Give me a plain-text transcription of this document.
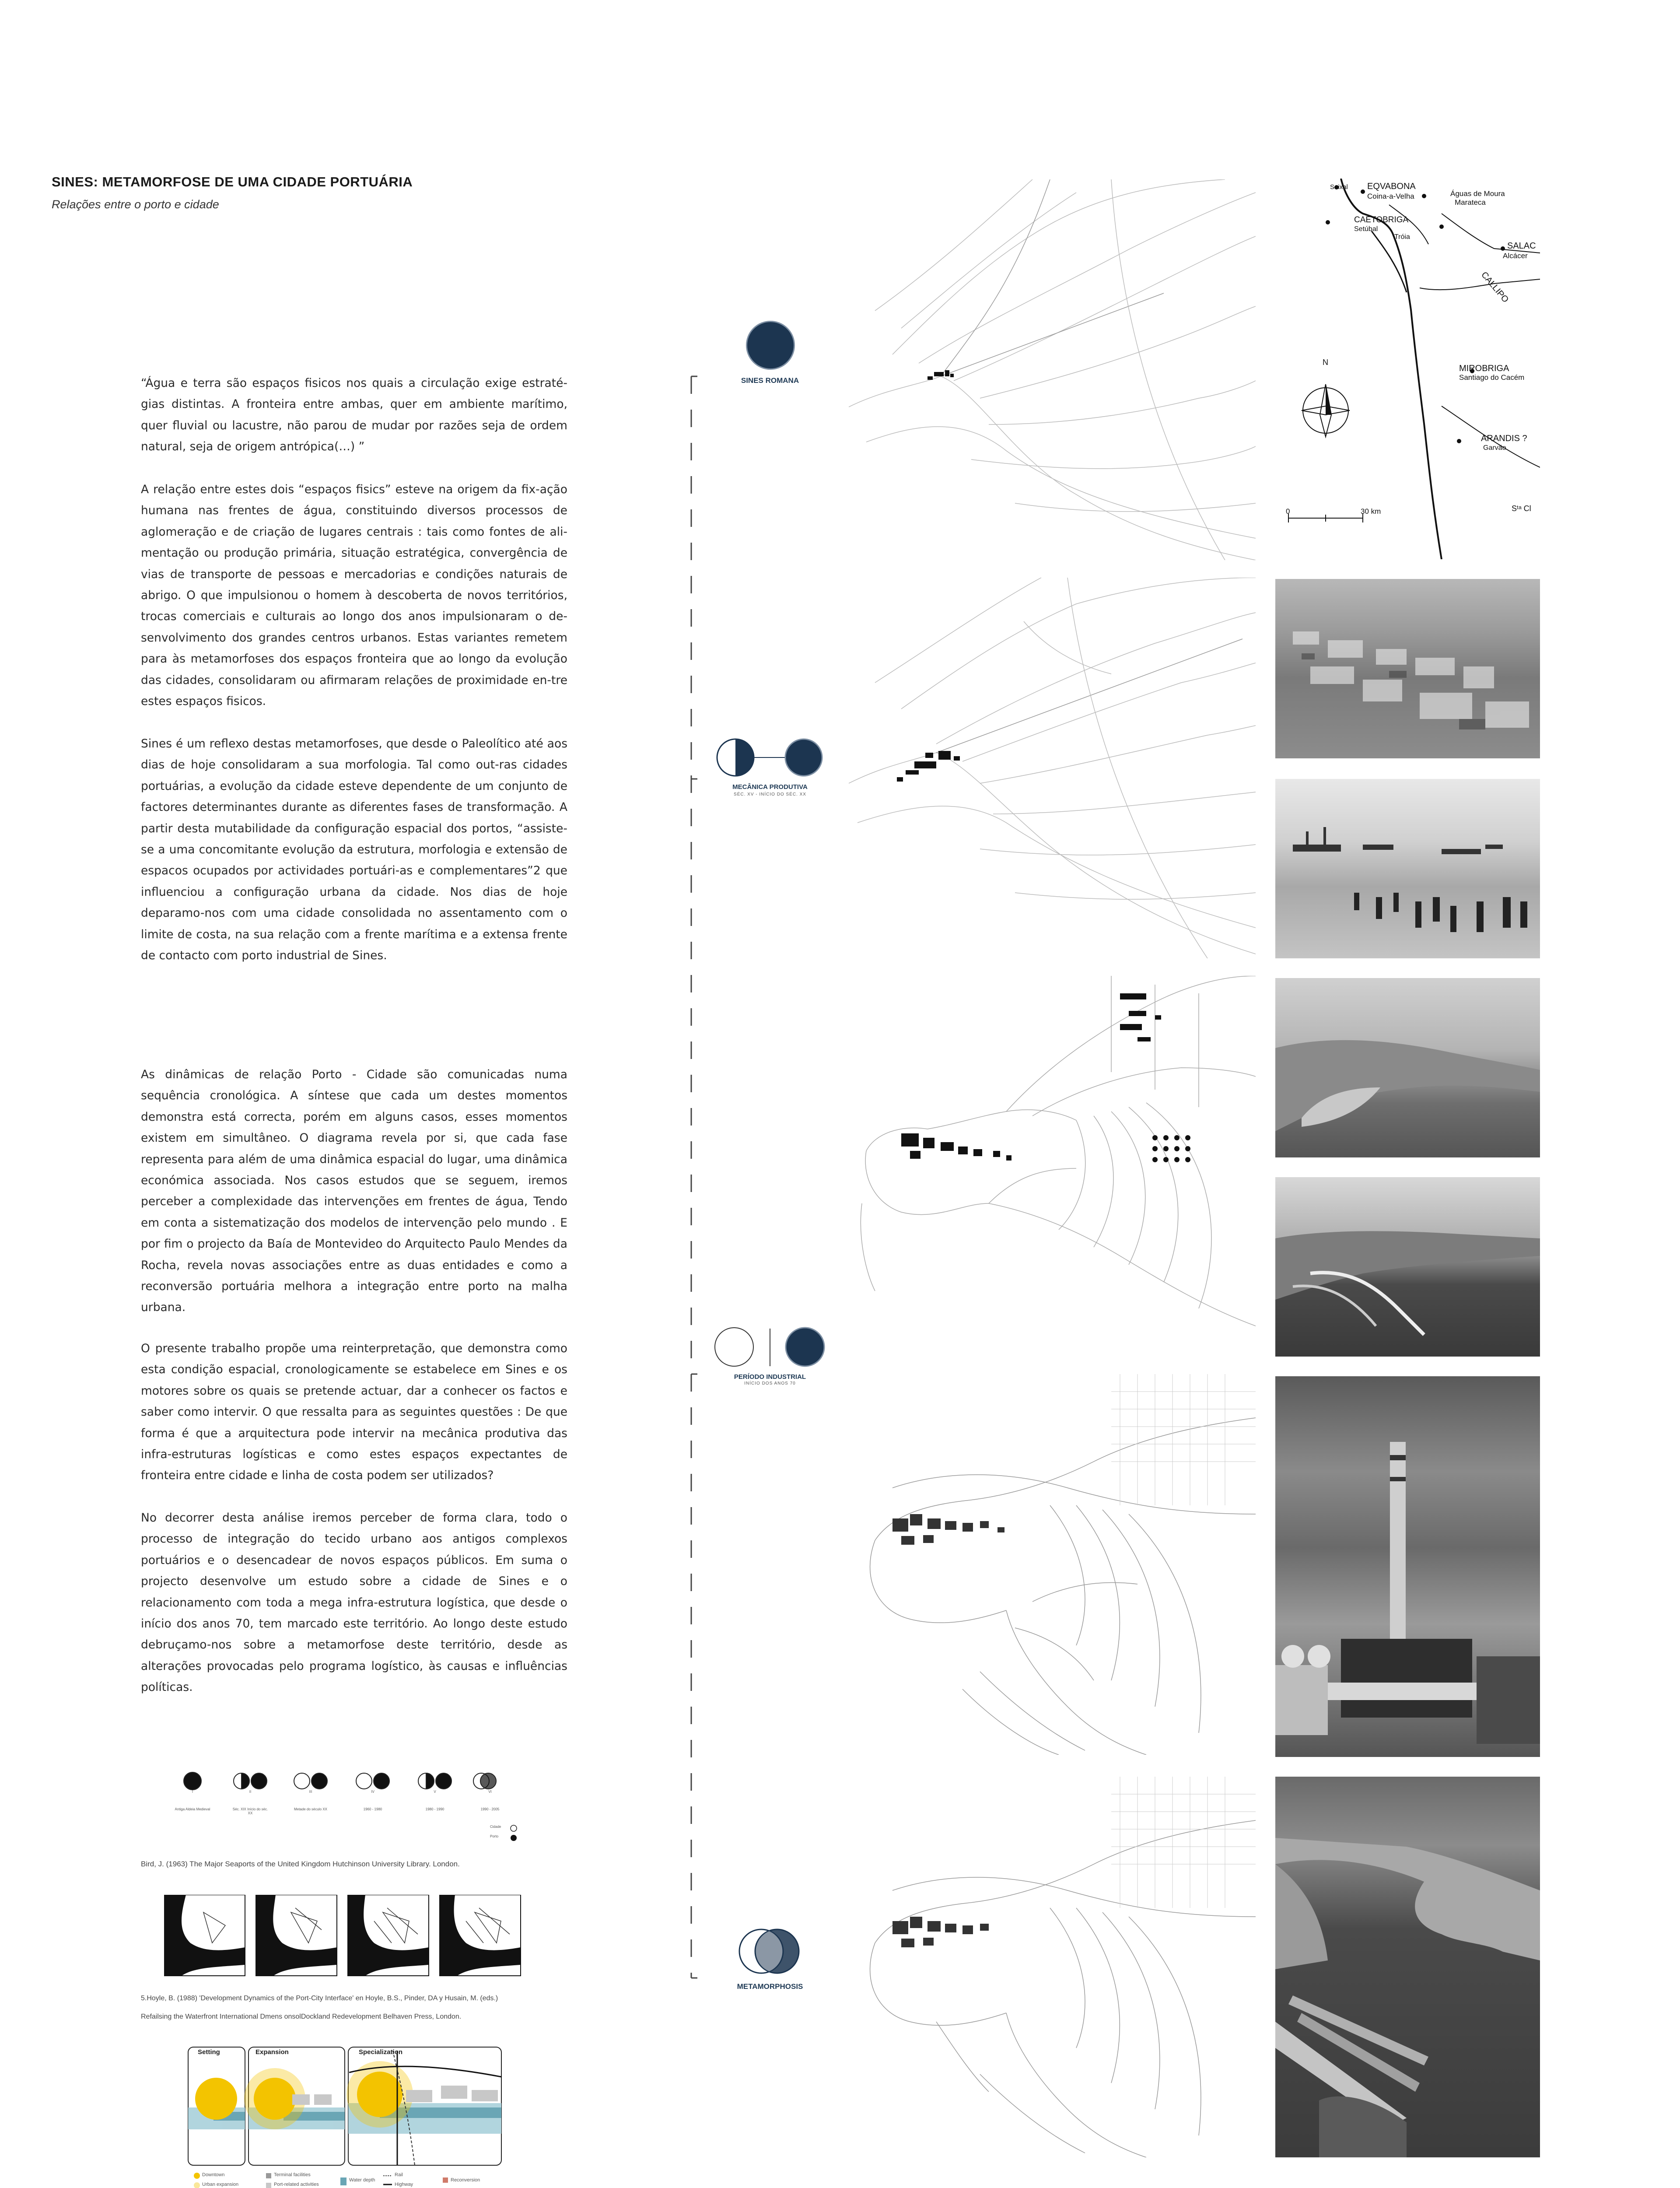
SINES: METAMORFOSE DE UMA CIDADE PORTUÁRIA
Relações entre o porto e cidade
“Água e terra são espaços fisicos nos quais a circulação exige estraté-gias distintas. A fronteira entre ambas, quer em ambiente marítimo, quer fluvial ou lacustre, não parou de mudar por razões seja de ordem natural, seja de origem antrópica(…) ”
A relação entre estes dois “espaços fisics” esteve na origem da fix-ação humana nas frentes de água, constituindo diversos processos de aglomeração e de criação de lugares centrais : tais como fontes de ali-mentação ou produção primária, situação estratégica, convergência de vias de transporte de pessoas e mercadorias e condições naturais de abrigo. O que impulsionou o homem à descoberta de novos territórios, trocas comerciais e culturais ao longo dos anos impulsionaram o de-senvolvimento dos grandes centros urbanos. Estas variantes remetem para às metamorfoses dos espaços fronteira que ao longo da evolução das cidades, consolidaram ou afirmaram relações de proximidade en-tre estes espaços fisicos.
Sines é um reflexo destas metamorfoses, que desde o Paleolítico até aos dias de hoje consolidaram a sua morfologia. Tal como out-ras cidades portuárias, a evolução da cidade esteve dependente de um conjunto de factores determinantes durante as diferentes fases de transformação. A partir desta mutabilidade da configuração espacial dos portos, “assiste-se a uma concomitante evolução da estrutura, morfologia e extensão de espacos ocupados por actividades portuári-as e complementares”2 que influenciou a configuração urbana da cidade. Nos dias de hoje deparamo-nos com uma cidade consolidada no assentamento com o limite de costa, na sua relação com a frente marítima e a extensa frente de contacto com porto industrial de Sines.
As dinâmicas de relação Porto - Cidade são comunicadas numa sequência cronológica. A síntese que cada um destes momentos demonstra está correcta, porém em alguns casos, esses momentos existem em simultâneo. O diagrama revela por si, que cada fase representa para além de uma dinâmica espacial do lugar, uma dinâmica económica associada. Nos casos estudos que se seguem, iremos perceber a complexidade das intervenções em frentes de água, Tendo em conta a sistematização dos modelos de intervenção pelo mundo . E por fim o projecto da Baía de Montevideo do Arquitecto Paulo Mendes da Rocha, revela novas associações entre as duas entidades e como a reconversão portuária melhora a integração entre porto na malha urbana.
O presente trabalho propõe uma reinterpretação, que demonstra como esta condição espacial, cronologicamente se estabelece em Sines e os motores sobre os quais se pretende actuar, dar a conhecer os factos e saber como intervir. O que ressalta para as seguintes questões : De que forma é que a arquitectura pode intervir na mecânica produtiva das infra-estruturas logísticas e como estes espaços expectantes de fronteira entre cidade e linha de costa podem ser utilizados?
No decorrer desta análise iremos perceber de forma clara, todo o processo de integração do tecido urbano aos antigos complexos portuários e o desencadear de novos espaços públicos. Em suma o projecto desenvolve um estudo sobre a cidade de Sines e o relacionamento com toda a mega infra-estrutura logística, que desde o início dos anos 70, tem marcado este território. Ao longo deste estudo debruçamo-nos sobre a metamorfose deste território, desde as alterações provocadas pelo programa logístico, às causas e influências políticas.
SINES ROMANA
MECÂNICA PRODUTIVA
SÉC. XV - INÍCIO DO SÉC. XX
PERÍODO INDUSTRIAL
INÍCIO DOS ANOS 70
METAMORPHOSIS
Seixal EQVABONA
Coina-a-Velha	Águas de Moura
Marateca
CAETOBRIGA
Setúbal
Tróia
Alcácer
SALAC
CALLIPO
MIROBRIGA
Santiago do Cacém
ARANDIS ?
Garvão
Sᵗᵃ Cl
N
0	30 km
I	II	III	IV	V	VI
Antiga Aldeia Medieval	Séc. XIX Início do séc. XX
Metade do século XX	1960 - 1980	1980 - 1990	1990 - 2005
Cidade
Porto
Bird, J. (1963) The Major Seaports of the United Kingdom Hutchinson University Library. London.
5.Hoyle, B. (1988) 'Development Dynamics of the Port-City Interface' en Hoyle, B.S., Pinder, DA y Husain, M. (eds.)
Refailsing the Waterfront International Dmens onsolDockland Redevelopment Belhaven Press, London.
Setting	Expansion	Specialization
Downtown
Urban expansion
Terminal facilities
Port-related activities
Water depth
Rail
Highway
Reconversion
